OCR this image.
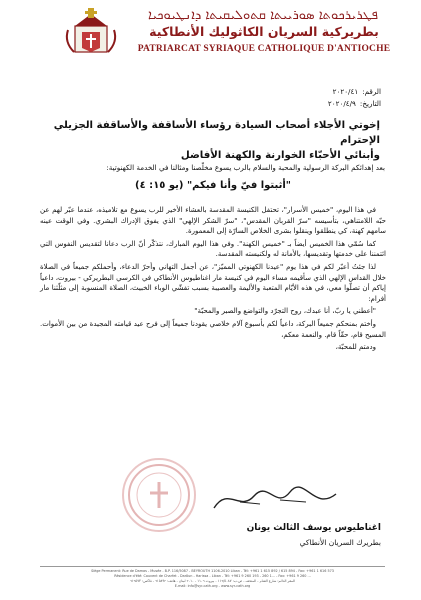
ܦܛܪܝܪܟܘܬܐ ܣܘܪܝܝܬܐ ܩܬܘܠܝܩܝܬܐ ܕܐܢܛܝܘܟܝܐ
بطريركية السريان الكاثوليك الأنطاكية
PATRIARCAT SYRIAQUE CATHOLIQUE D'ANTIOCHE
الرقم:
٢٠٢٠/٤١
التاريخ:
٢٠٢٠/٤/٩
إخوتي الأجلاء أصحاب السيادة رؤساء الأساقفة والأساقفة الجزيلي الإحترام
وأبنائي الأحبّاء الخوارنة والكهنة الأفاضل
بعد إهدائكم البركة الرسولية والمحبة والسلام بالرب يسوع مخلّصنا ومثالنا في الخدمة الكهنوتية:
"أثبتوا فيّ وأنا فيكم" (يو ١٥: ٤)

في هذا اليوم، "خميس الأسرار"، تحتفل الكنيسة المقدسة بالعشاء الأخير للرب يسوع مع تلاميذه، عندما عبّر لهم عن حبّه اللامتناهي، بتأسيسه "سرّ القربان المقدس"، "سرّ الشكر الإلهي" الذي يفوق الإدراك البشري. وفي الوقت عينه سامهم كهنة، كي ينطلقوا وينقلوا بشرى الخلاص السارّة إلى المعمورة.

كما سُمّي هذا الخميس أيضاً بـ "خميس الكهنة". وفي هذا اليوم المبارك، نتذكّر أنّ الرب دعانا لتقديس النفوس التي ائتمننا على خدمتها وتقديسها، بالأمانة له ولكنيسته المقدسة.

لذا جئتُ أعبّر لكم في هذا يوم "عيدنا الكهنوتي المميّز"، عن أجمل التهاني وأحرّ الدعاء، وأحملكم جميعاً في الصلاة خلال القداس الإلهي الذي سأقيمه مساء اليوم في كنيسة مار اغناطيوس الأنطاكي في الكرسي البطريركي - بيروت، داعياً إياكم أن تصلّوا معي، في هذه الأيّام المتعبة والأليمة والعصيبة بسبب تفشّي الوباء الخبيث، الصلاة المنسوبة إلى مثلّثنا مار أفرام:

"أعطني يا ربّ، أنا عبدك، روح التجرّد والتواضع والصبر والمحبّة"

وأختم بمنحكم جميعاً البركة، داعياً لكم بأسبوع آلام خلاصي يقودنا جميعاً إلى فرح عيد قيامته المجيدة من بين الأموات. المسيح قام، حقّاً قام. والنعمة معكم،

ودمتم للمحبّة،

اغناطيوس يوسف الثالث يونان
بطريرك السريان الأنطاكي
Siège Permanent: Rue de Damas - Musée - B.P. 116/5087 - BEYROUTH 1106-2010 Liban - Tél: +961 1 615 892 / 615 894 - Fax: +961 1 616 573
Résidence d'été: Couvent de Charfet - Darôun - Harissa - Liban - Tél: +961 9 260 193 - 260 1... - Fax: +961 9 260 ...
المقر الدائم: شارع الشام - المتحف - ص.ب: ١١٦/٥٠٨٧ - بيروت ١١٠٦ - ٢٠١٠ لبنان - هاتف: ٦١٥٨٩٢ - فاكس: ٦١٦٥٧٣
E-mail: info@syr-cath.org - www.syr-cath.org
